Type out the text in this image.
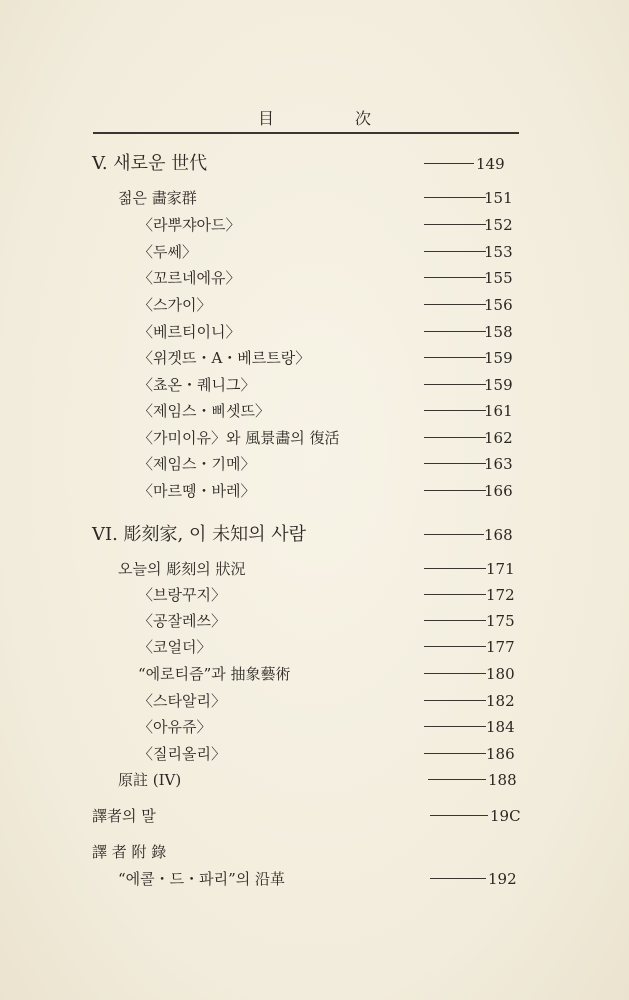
目 次
V. 새로운 世代	149
젊은 畵家群	151
〈라뿌쟈아드〉	152
〈두쎄〉	153
〈꼬르네에유〉	155
〈스가이〉	156
〈베르티이니〉	158
〈위겟뜨・A・베르트랑〉	159
〈쵸온・퀘니그〉	159
〈제임스・삐셋뜨〉	161
〈가미이유〉와 風景畵의 復活	162
〈제임스・기메〉	163
〈마르뗑・바레〉	166
VI. 彫刻家, 이 未知의 사람	168
오늘의 彫刻의 狀況	171
〈브랑꾸지〉	172
〈공잘레쓰〉	175
〈코얼더〉	177
“에로티즘”과 抽象藝術	180
〈스타알리〉	182
〈아유쥬〉	184
〈질리올리〉	186
原註 (IV)	188
譯者의 말	19C
譯 者 附 錄
“에콜・드・파리”의 沿革	192
